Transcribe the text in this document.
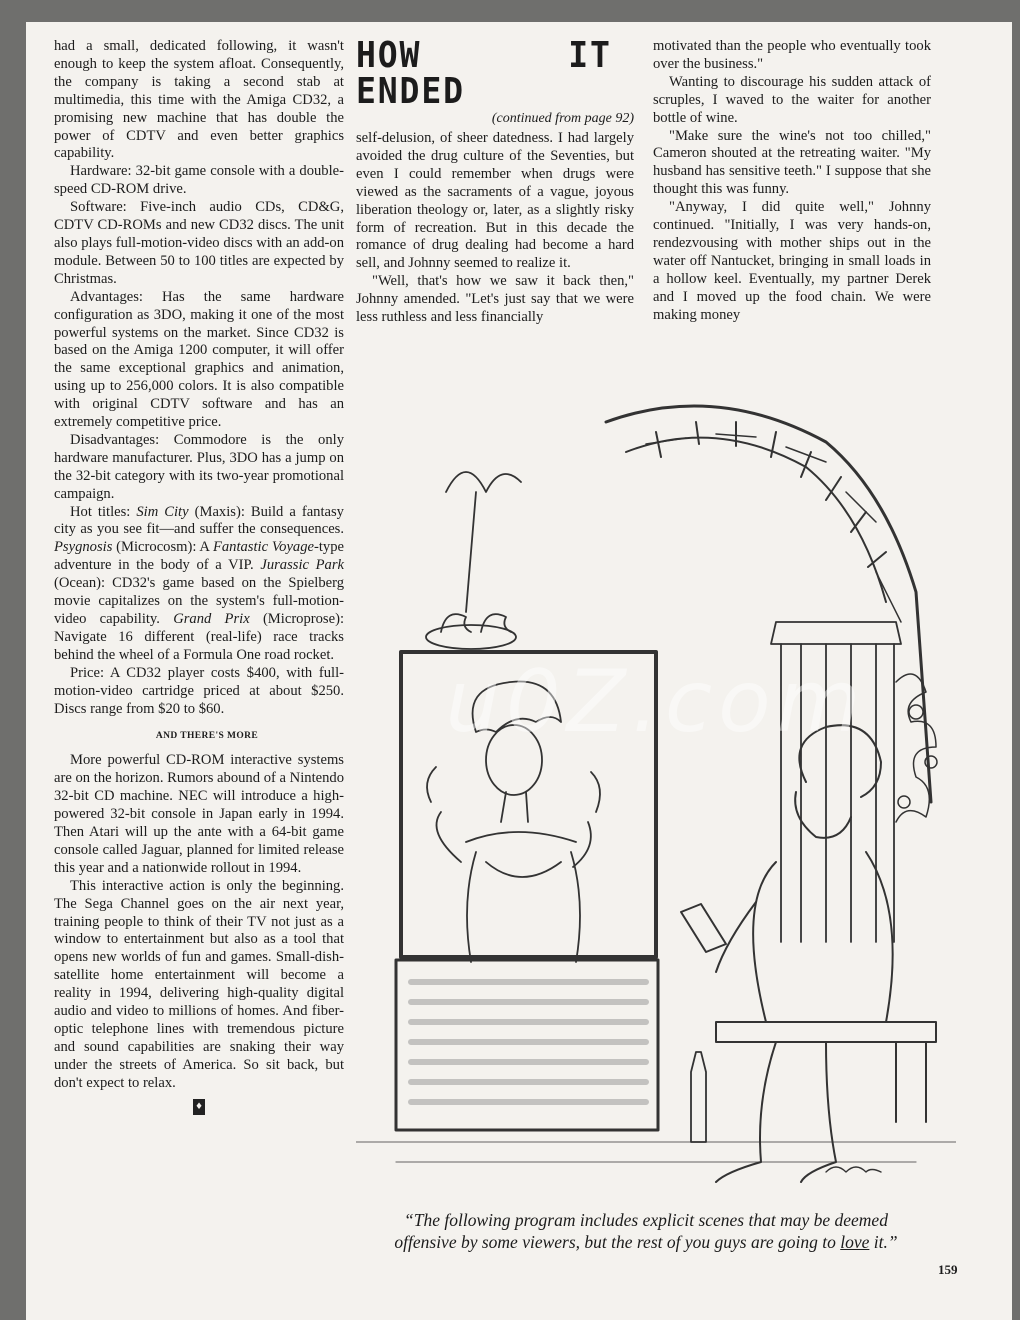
had a small, dedicated following, it wasn't enough to keep the system afloat. Consequently, the company is taking a second stab at multimedia, this time with the Amiga CD32, a promising new machine that has double the power of CDTV and even better graphics capability.

Hardware: 32-bit game console with a double-speed CD-ROM drive.

Software: Five-inch audio CDs, CD&G, CDTV CD-ROMs and new CD32 discs. The unit also plays full-motion-video discs with an add-on module. Between 50 to 100 titles are expected by Christmas.

Advantages: Has the same hardware configuration as 3DO, making it one of the most powerful systems on the market. Since CD32 is based on the Amiga 1200 computer, it will offer the same exceptional graphics and animation, using up to 256,000 colors. It is also compatible with original CDTV software and has an extremely competitive price.

Disadvantages: Commodore is the only hardware manufacturer. Plus, 3DO has a jump on the 32-bit category with its two-year promotional campaign.

Hot titles: Sim City (Maxis): Build a fantasy city as you see fit—and suffer the consequences. Psygnosis (Microcosm): A Fantastic Voyage-type adventure in the body of a VIP. Jurassic Park (Ocean): CD32's game based on the Spielberg movie capitalizes on the system's full-motion-video capability. Grand Prix (Microprose): Navigate 16 different (real-life) race tracks behind the wheel of a Formula One road rocket.

Price: A CD32 player costs $400, with full-motion-video cartridge priced at about $250. Discs range from $20 to $60.

AND THERE'S MORE

More powerful CD-ROM interactive systems are on the horizon. Rumors abound of a Nintendo 32-bit CD machine. NEC will introduce a high-powered 32-bit console in Japan early in 1994. Then Atari will up the ante with a 64-bit game console called Jaguar, planned for limited release this year and a nationwide rollout in 1994.

This interactive action is only the beginning. The Sega Channel goes on the air next year, training people to think of their TV not just as a window to entertainment but also as a tool that opens new worlds of fun and games. Small-dish-satellite home entertainment will become a reality in 1994, delivering high-quality digital audio and video to millions of homes. And fiber-optic telephone lines with tremendous picture and sound capabilities are snaking their way under the streets of America. So sit back, but don't expect to relax.

♦
HOW IT ENDED
(continued from page 92)

self-delusion, of sheer datedness. I had largely avoided the drug culture of the Seventies, but even I could remember when drugs were viewed as the sacraments of a vague, joyous liberation theology or, later, as a slightly risky form of recreation. But in this decade the romance of drug dealing had become a hard sell, and Johnny seemed to realize it.

"Well, that's how we saw it back then," Johnny amended. "Let's just say that we were less ruthless and less financially

motivated than the people who eventually took over the business."

Wanting to discourage his sudden attack of scruples, I waved to the waiter for another bottle of wine.

"Make sure the wine's not too chilled," Cameron shouted at the retreating waiter. "My husband has sensitive teeth." I suppose that she thought this was funny.

"Anyway, I did quite well," Johnny continued. "Initially, I was very hands-on, rendezvousing with mother ships out in the water off Nantucket, bringing in small loads in a hollow keel. Eventually, my partner Derek and I moved up the food chain. We were making money

u0Z.com
“The following program includes explicit scenes that may be deemed offensive by some viewers, but the rest of you guys are going to love it.”
159
